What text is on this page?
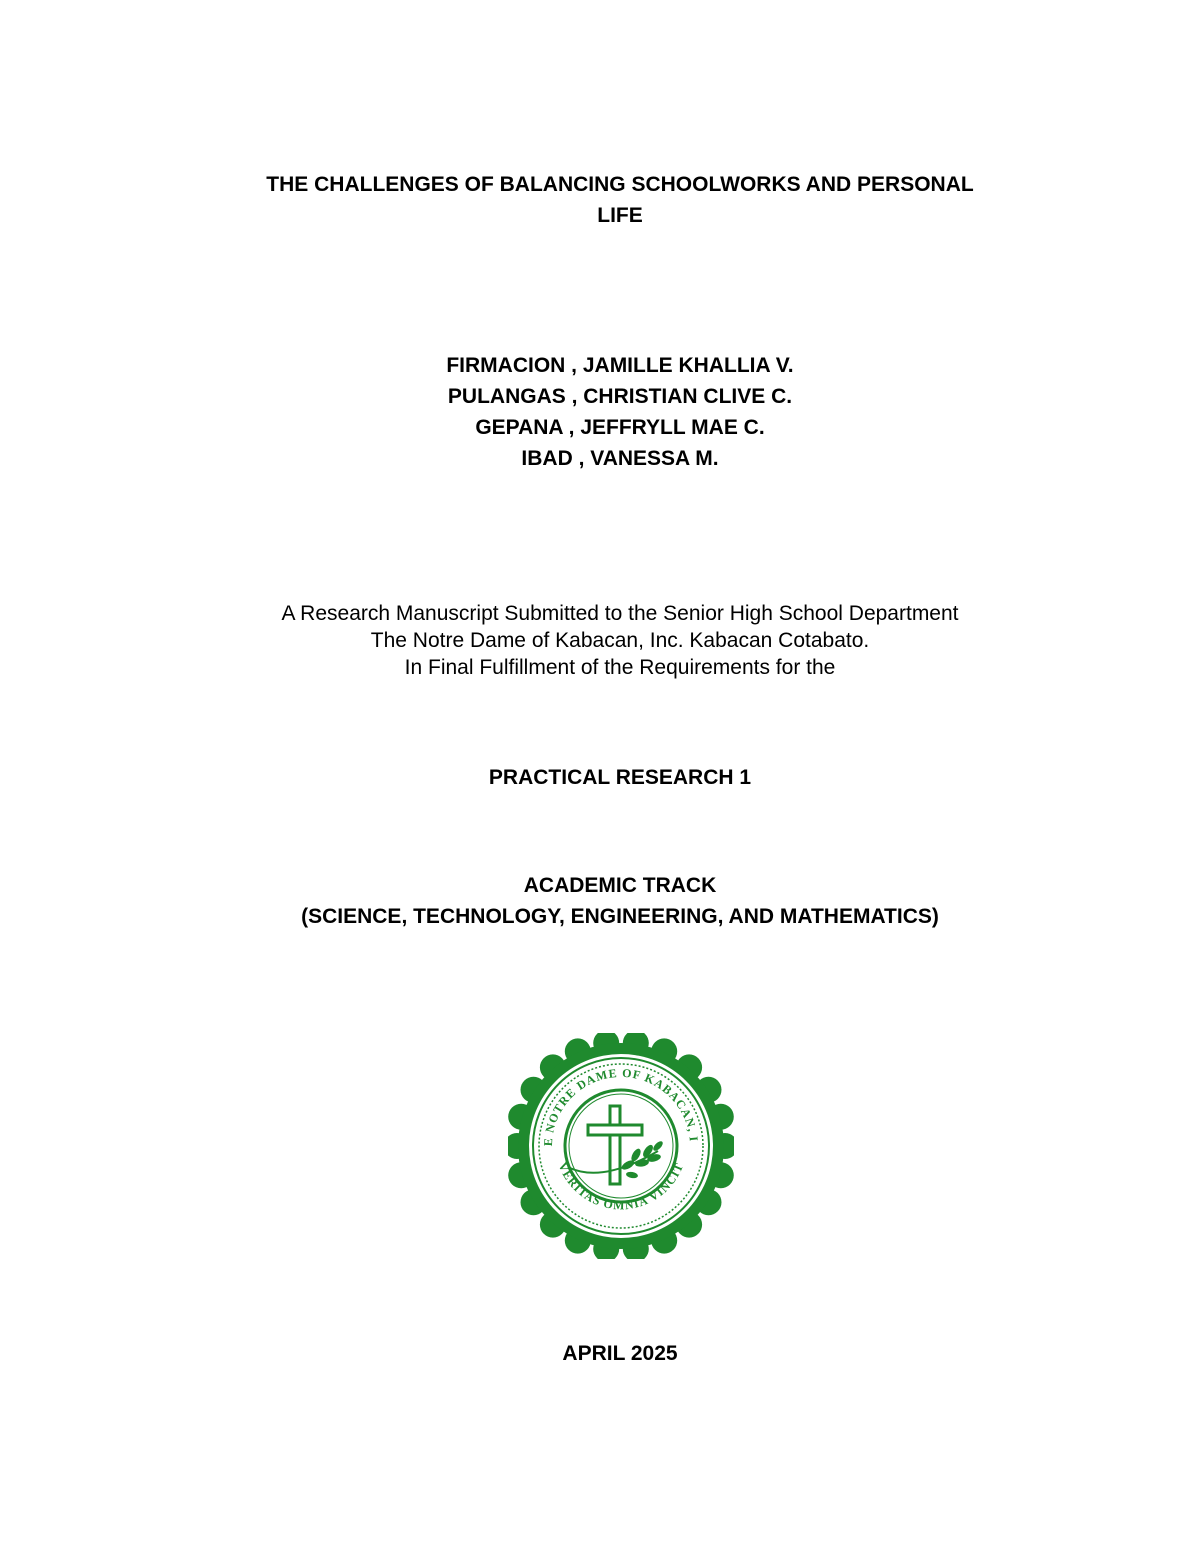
THE CHALLENGES OF BALANCING SCHOOLWORKS AND PERSONAL
LIFE
FIRMACION , JAMILLE KHALLIA V.
PULANGAS , CHRISTIAN CLIVE C.
GEPANA , JEFFRYLL MAE C.
IBAD , VANESSA M.
A Research Manuscript Submitted to the Senior High School Department
The Notre Dame of Kabacan, Inc. Kabacan Cotabato.
In Final Fulfillment of the Requirements for the
PRACTICAL RESEARCH 1
ACADEMIC TRACK
(SCIENCE, TECHNOLOGY, ENGINEERING, AND MATHEMATICS)
E NOTRE DAME OF KABACAN, I
VERITAS OMNIA VINCIT
APRIL 2025
